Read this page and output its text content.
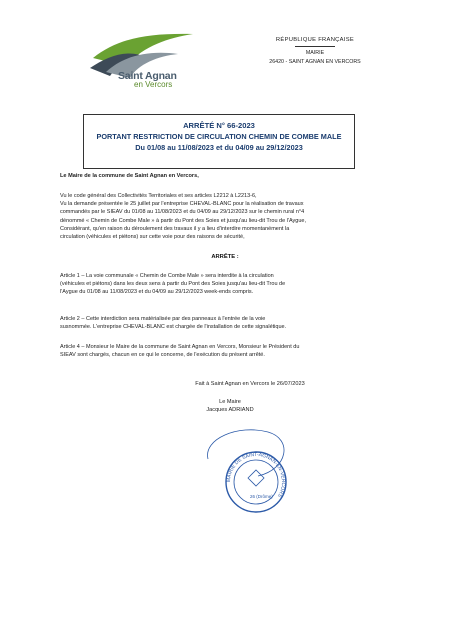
Saint Agnan
en Vercors
RÉPUBLIQUE FRANÇAISE
MAIRIE
26420 - SAINT AGNAN EN VERCORS
ARRÊTÉ N° 66-2023
PORTANT RESTRICTION DE CIRCULATION CHEMIN DE COMBE MALE
Du 01/08 au 11/08/2023 et du 04/09 au 29/12/2023
Le Maire de la commune de Saint Agnan en Vercors,
Vu le code général des Collectivités Territoriales et ses articles L2212 à L2213-6,
Vu la demande présentée le 25 juillet par l'entreprise CHEVAL-BLANC pour la réalisation de travaux
commandés par le SIEAV du 01/08 au 11/08/2023 et du 04/09 au 29/12/2023 sur le chemin rural n°4
dénommé « Chemin de Combe Male » à partir du Pont des Soies et jusqu'au lieu-dit Trou de l'Aygue,
Considérant, qu'en raison du déroulement des travaux il y a lieu d'interdire momentanément la
circulation (véhicules et piétons) sur cette voie pour des raisons de sécurité,
ARRÊTE :
Article 1 – La voie communale « Chemin de Combe Male » sera interdite à la circulation
(véhicules et piétons) dans les deux sens à partir du Pont des Soies jusqu'au lieu-dit Trou de
l'Aygue du 01/08 au 11/08/2023 et du 04/09 au 29/12/2023 week-ends compris.
Article 2 – Cette interdiction sera matérialisée par des panneaux à l'entrée de la voie
susnommée. L'entreprise CHEVAL-BLANC est chargée de l'installation de cette signalétique.
Article 4 – Monsieur le Maire de la commune de Saint Agnan en Vercors, Monsieur le Président du
SIEAV sont chargés, chacun en ce qui le concerne, de l'exécution du présent arrêté.
Fait à Saint Agnan en Vercors le 26/07/2023
Le Maire
Jacques ADRIAND
MAIRIE DE SAINT-AGNAN-EN-VERCORS
26 (Drôme)
